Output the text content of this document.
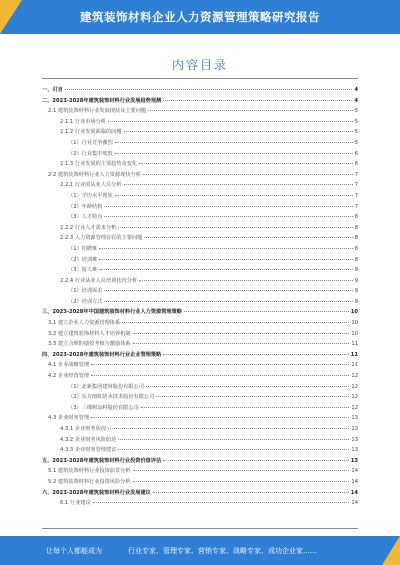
建筑装饰材料企业人力资源管理策略研究报告
内容目录
一、引言	4
二、2023-2028年建筑装饰材料行业发展趋势预测	4
2.1 建筑装饰材料行业发展现状及主要问题	5
2.1.1 行业市场分析	5
2.1.2 行业发展面临的问题	5
（1）行业竞争激烈	5
（2）行业集中度低	6
2.1.3 行业发展的主要趋势及变化	6
2.2 建筑装饰材料行业人力资源现状分析	7
2.2.1 行业的从业人员分析	7
（1）学历水平现状	7
（2）年龄结构	7
（3）人才特点	8
2.2.2 行业人才需求分析	8
2.2.3 人力资源管理存在的主要问题	8
（1）招聘难	8
（2）培训难	8
（3）留人难	9
2.2.4 行业从业人员培训状况分析	9
（1）培训需求	9
（2）培训方式	9
三、2023-2028年中国建筑装饰材料行业人力资源管理策略	10
3.1 建立企业人力资源管理体系	10
3.2 建立建筑装饰材料人才培养机制	10
3.3 建立合理的绩效考核与激励体系	11
四、2023-2028年建筑装饰材料行业企业管理策略	11
4.1 企业战略管理	11
4.2 企业经营管理	12
（1）北新集团建材股份有限公司	12
（2）东方雨虹防水技术股份有限公司	12
（3）三棵树涂料股份有限公司	12
4.3 企业财务管理	13
4.3.1 企业财务状况	13
4.3.2 企业财务风险防范	13
4.3.3 企业财务管理建议	13
五、2023-2028年建筑装饰材料行业投资价值评估	13
5.1 建筑装饰材料行业投资前景分析	14
5.2 建筑装饰材料行业投资风险分析	14
六、2023-2028年建筑装饰材料行业发展建议	14
6.1 行业建议	14
让每个人都能成为	行业专家、管理专家、营销专家、战略专家、成功企业家……
